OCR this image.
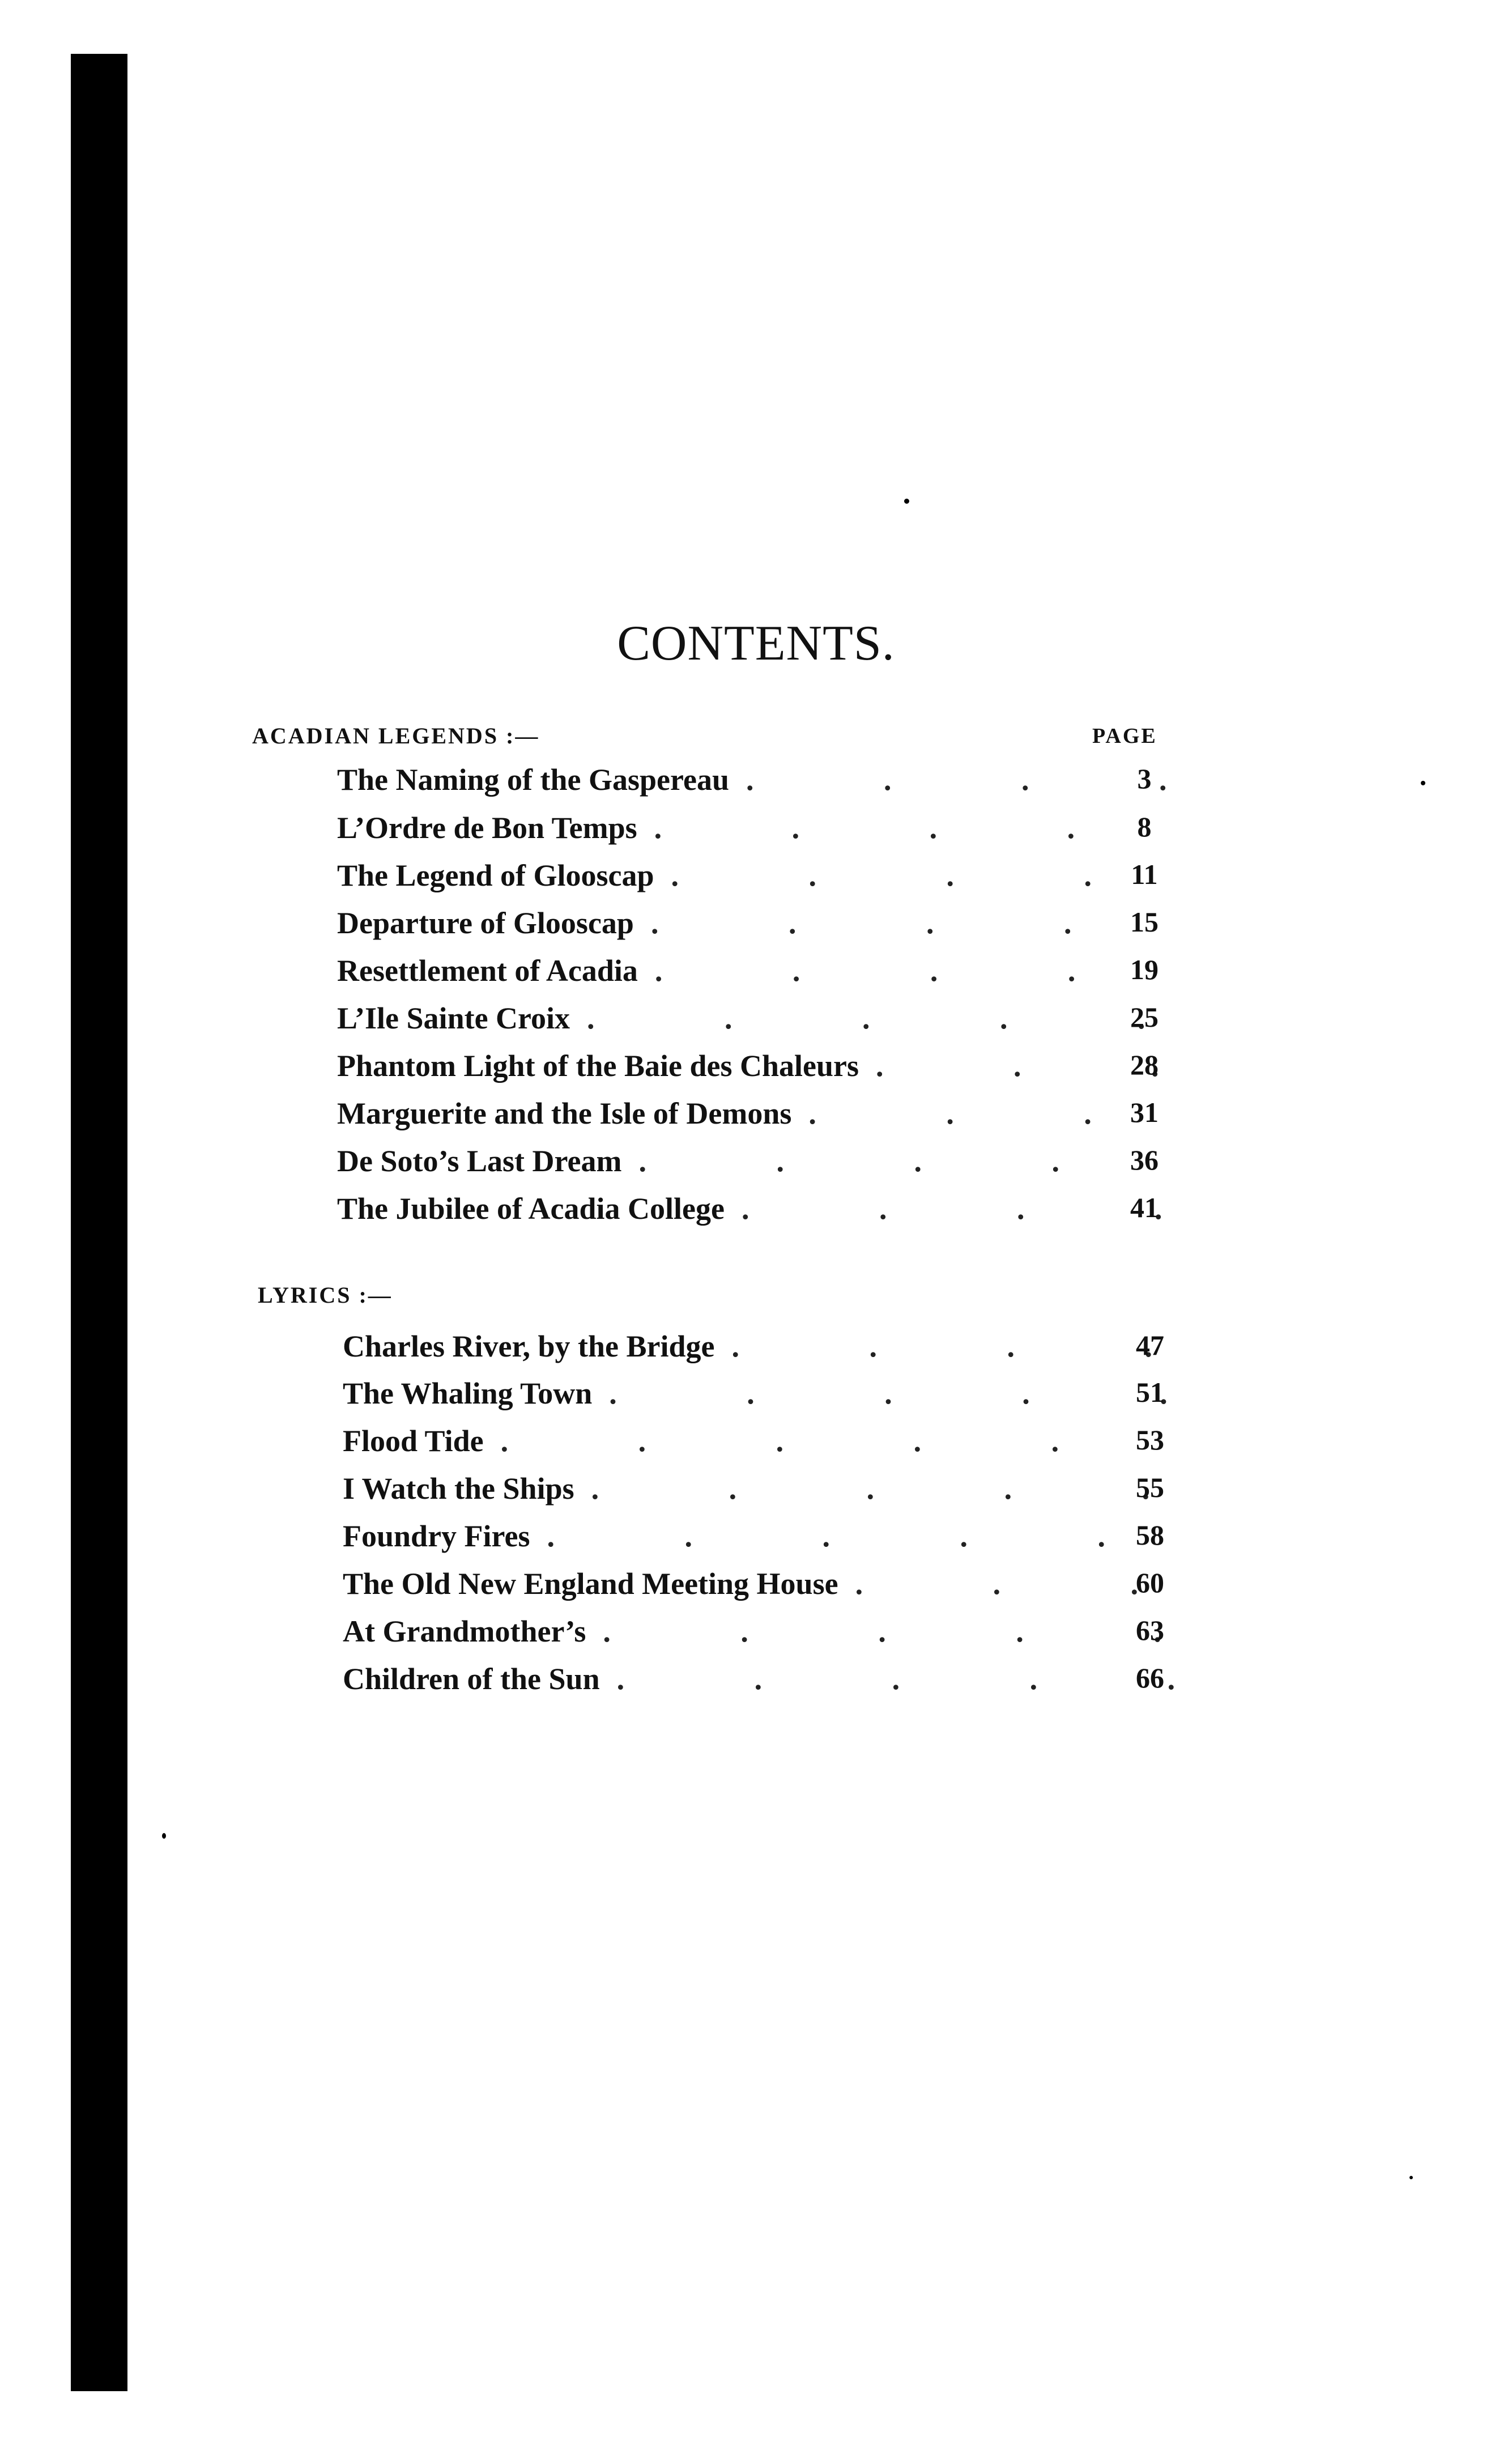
CONTENTS.
ACADIAN LEGENDS :—	PAGE
The Naming of the Gaspereau .	3
L’Ordre de Bon Temps .	8
The Legend of Glooscap .	11
Departure of Glooscap .	15
Resettlement of Acadia .	19
L’Ile Sainte Croix .	25
Phantom Light of the Baie des Chaleurs .	28
Marguerite and the Isle of Demons .	31
De Soto’s Last Dream .	36
The Jubilee of Acadia College .	41
LYRICS :—
Charles River, by the Bridge .	47
The Whaling Town .	51
Flood Tide .	53
I Watch the Ships .	55
Foundry Fires .	58
The Old New England Meeting House .	60
At Grandmother’s .	63
Children of the Sun .	66
